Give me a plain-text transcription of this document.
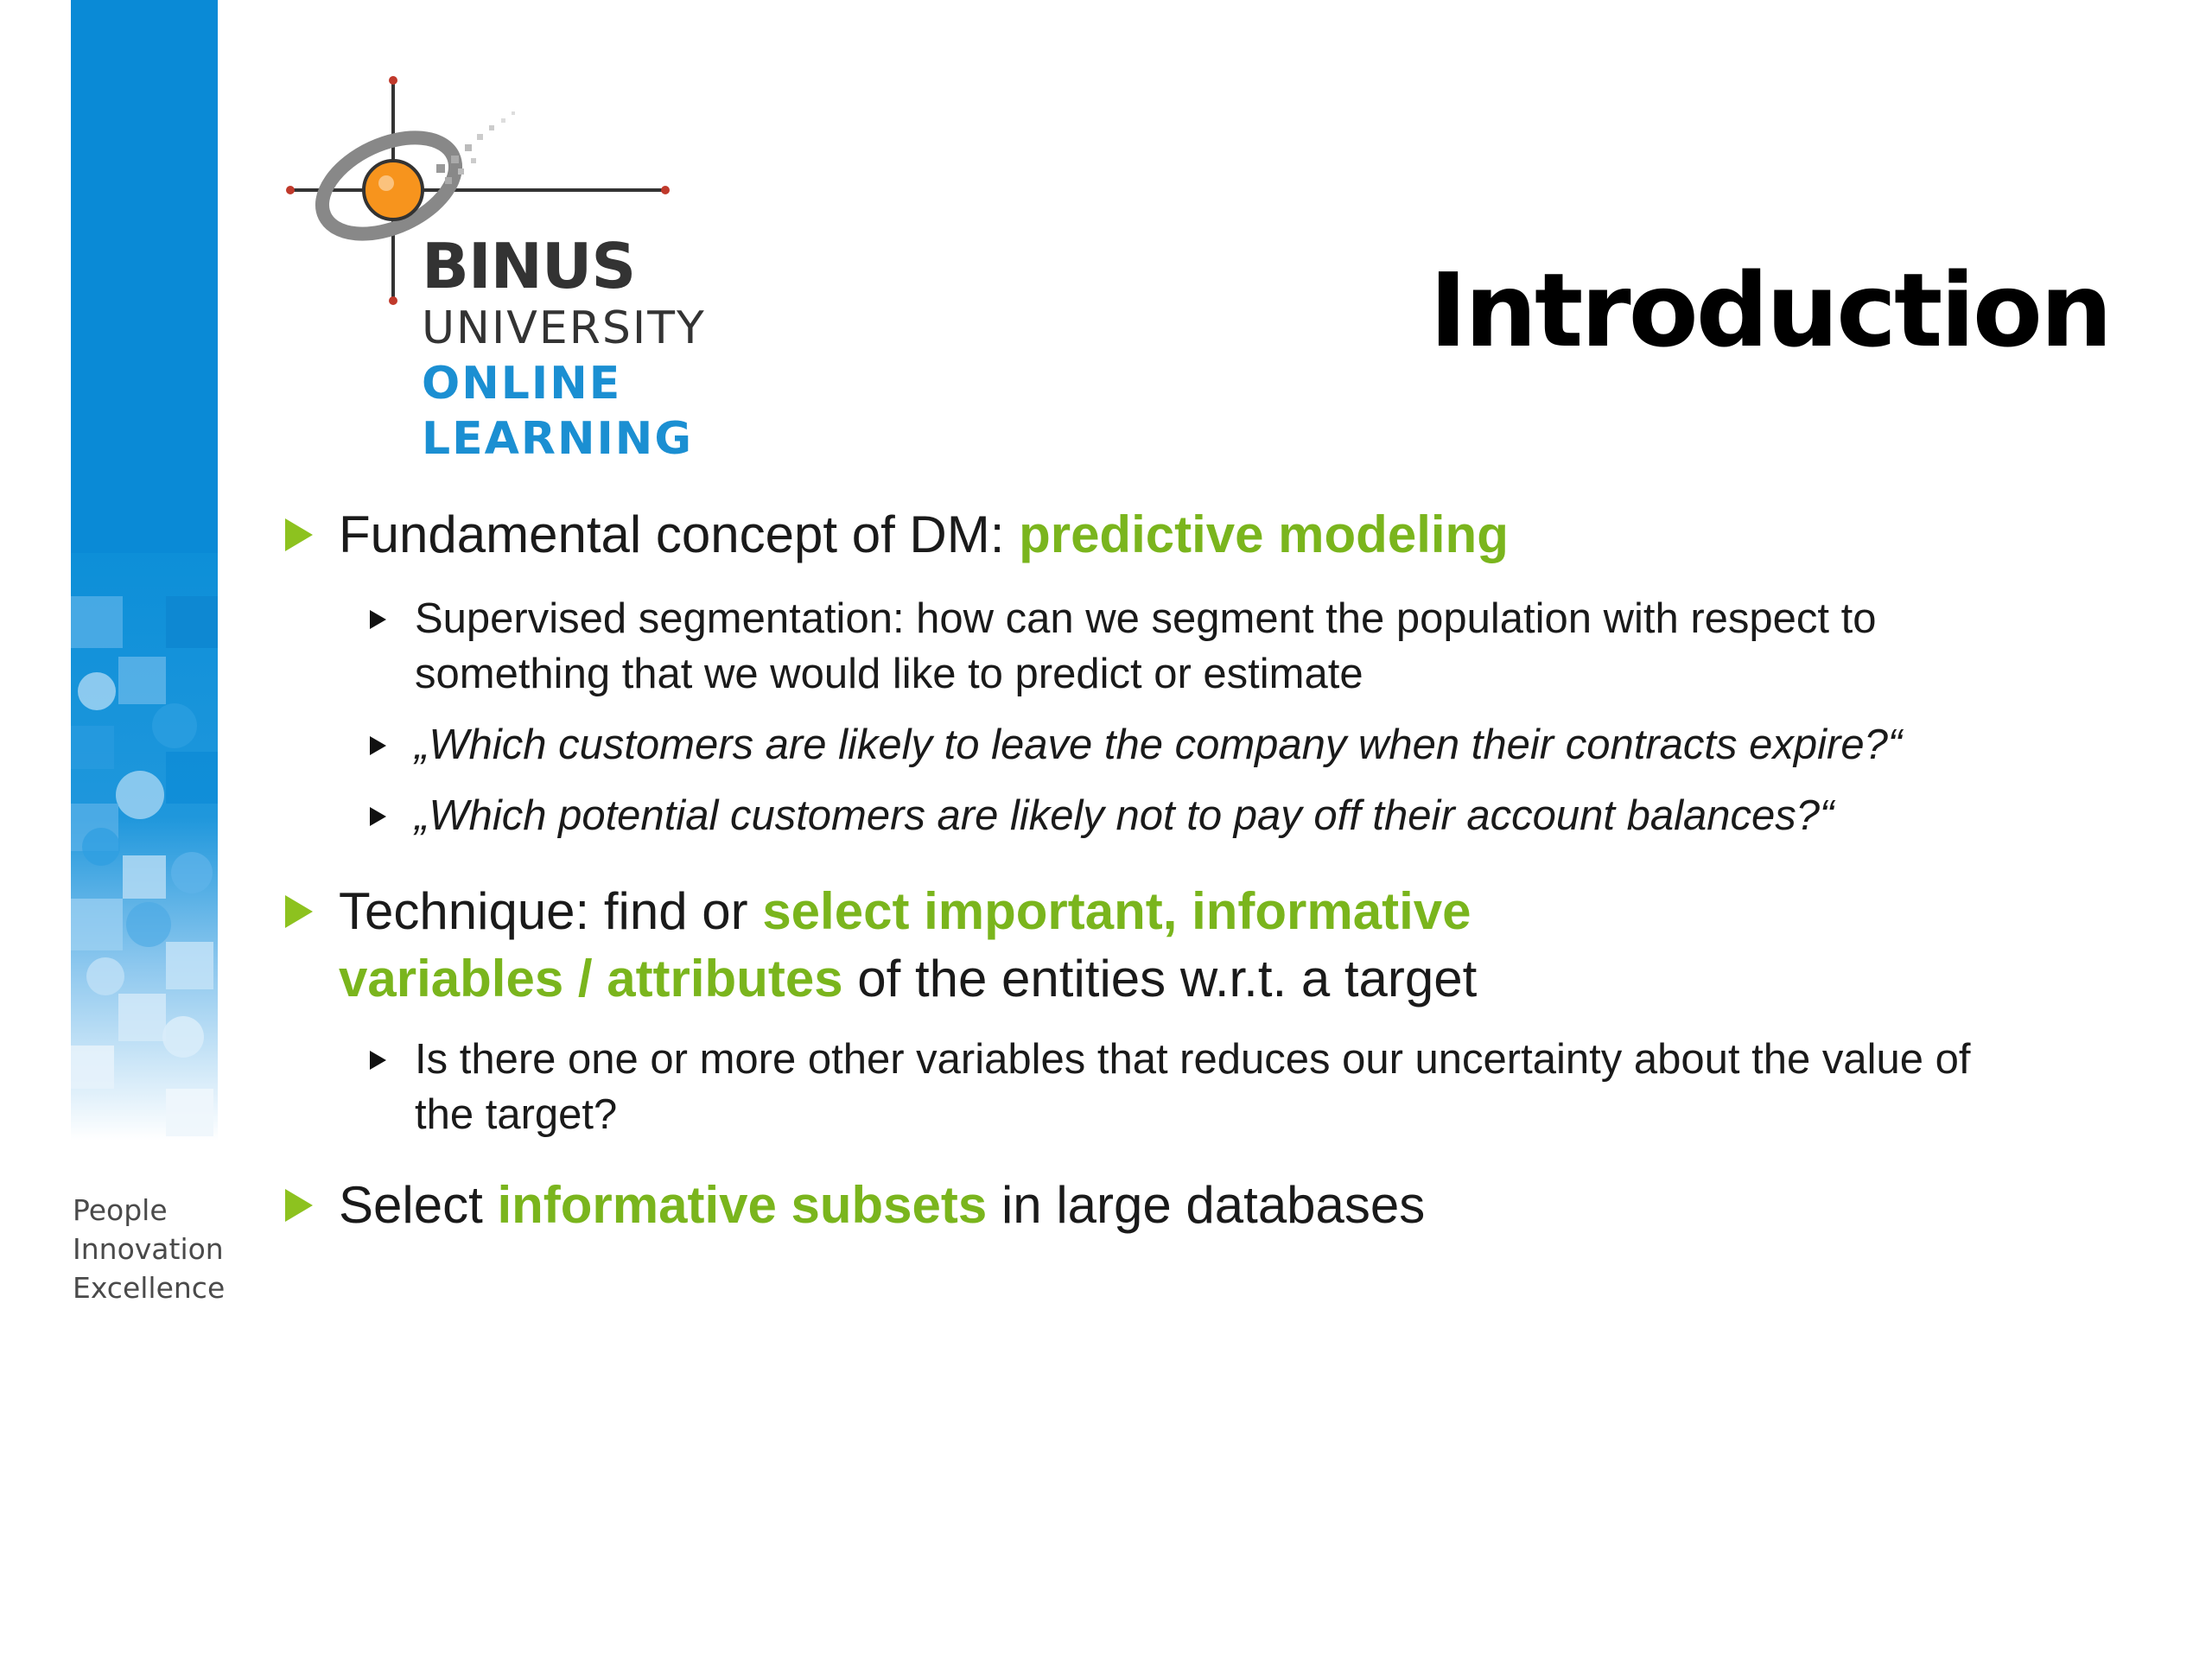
People
Innovation
Excellence
BINUS
UNIVERSITY
ONLINE
LEARNING
Introduction
Fundamental concept of DM: predictive modeling
Supervised segmentation: how can we segment the population with respect to something that we would like to predict or estimate
„Which customers are likely to leave the company when their contracts expire?“
„Which potential customers are likely not to pay off their account balances?“
Technique: find or select important, informative variables / attributes of the entities w.r.t. a target
Is there one or more other variables that reduces our uncertainty about the value of the target?
Select informative subsets in large databases
